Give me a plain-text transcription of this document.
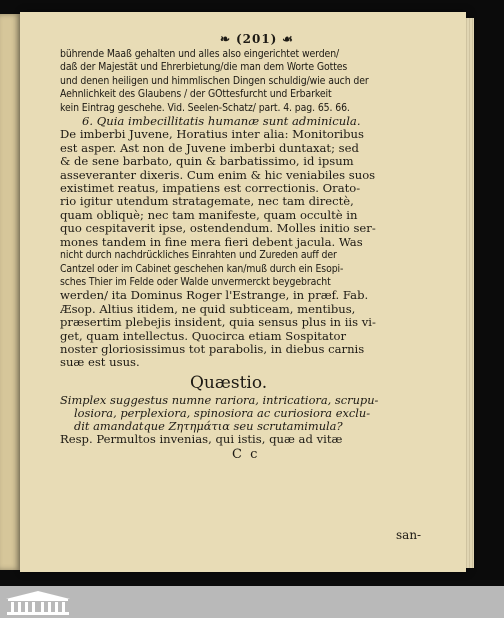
❧ (201) ☙
bührende Maaß gehalten und alles also eingerichtet werden/
daß der Majestät und Ehrerbietung/die man dem Worte Gottes
und denen heiligen und himmlischen Dingen schuldig/wie auch der
Aehnlichkeit des Glaubens / der GOttesfurcht und Erbarkeit
kein Eintrag geschehe. Vid. Seelen-Schatz/ part. 4. pag. 65. 66.
6. Quia imbecillitatis humanæ sunt adminicula.
De imberbi Juvene, Horatius inter alia: Monitoribus
est asper. Ast non de Juvene imberbi duntaxat; sed
& de sene barbato, quin & barbatissimo, id ipsum
asseveranter dixeris. Cum enim & hic veniabiles suos
existimet reatus, impatiens est correctionis. Orato-
rio igitur utendum stratagemate, nec tam directè,
quam obliquè; nec tam manifeste, quam occultè in
quo cespitaverit ipse, ostendendum. Molles initio ser-
mones tandem in fine mera fieri debent jacula. Was
nicht durch nachdrückliches Einrahten und Zureden auff der
Cantzel oder im Cabinet geschehen kan/muß durch ein Esopi-
sches Thier im Felde oder Walde unvermerckt beygebracht
werden/ ita Dominus Roger l'Estrange, in præf. Fab.
Æsop. Altius itidem, ne quid subticeam, mentibus,
præsertim plebejis insident, quia sensus plus in iis vi-
get, quam intellectus. Quocirca etiam Sospitator
noster gloriosissimus tot parabolis, in diebus carnis
suæ est usus.
Quæstio.
Simplex suggestus numne rariora, intricatiora, scrupu-
losiora, perplexiora, spinosiora ac curiosiora exclu-
dit amandatque Ζητημάτια seu scrutamimula?
Resp. Permultos invenias, qui istis, quæ ad vitæ
C c
san-
